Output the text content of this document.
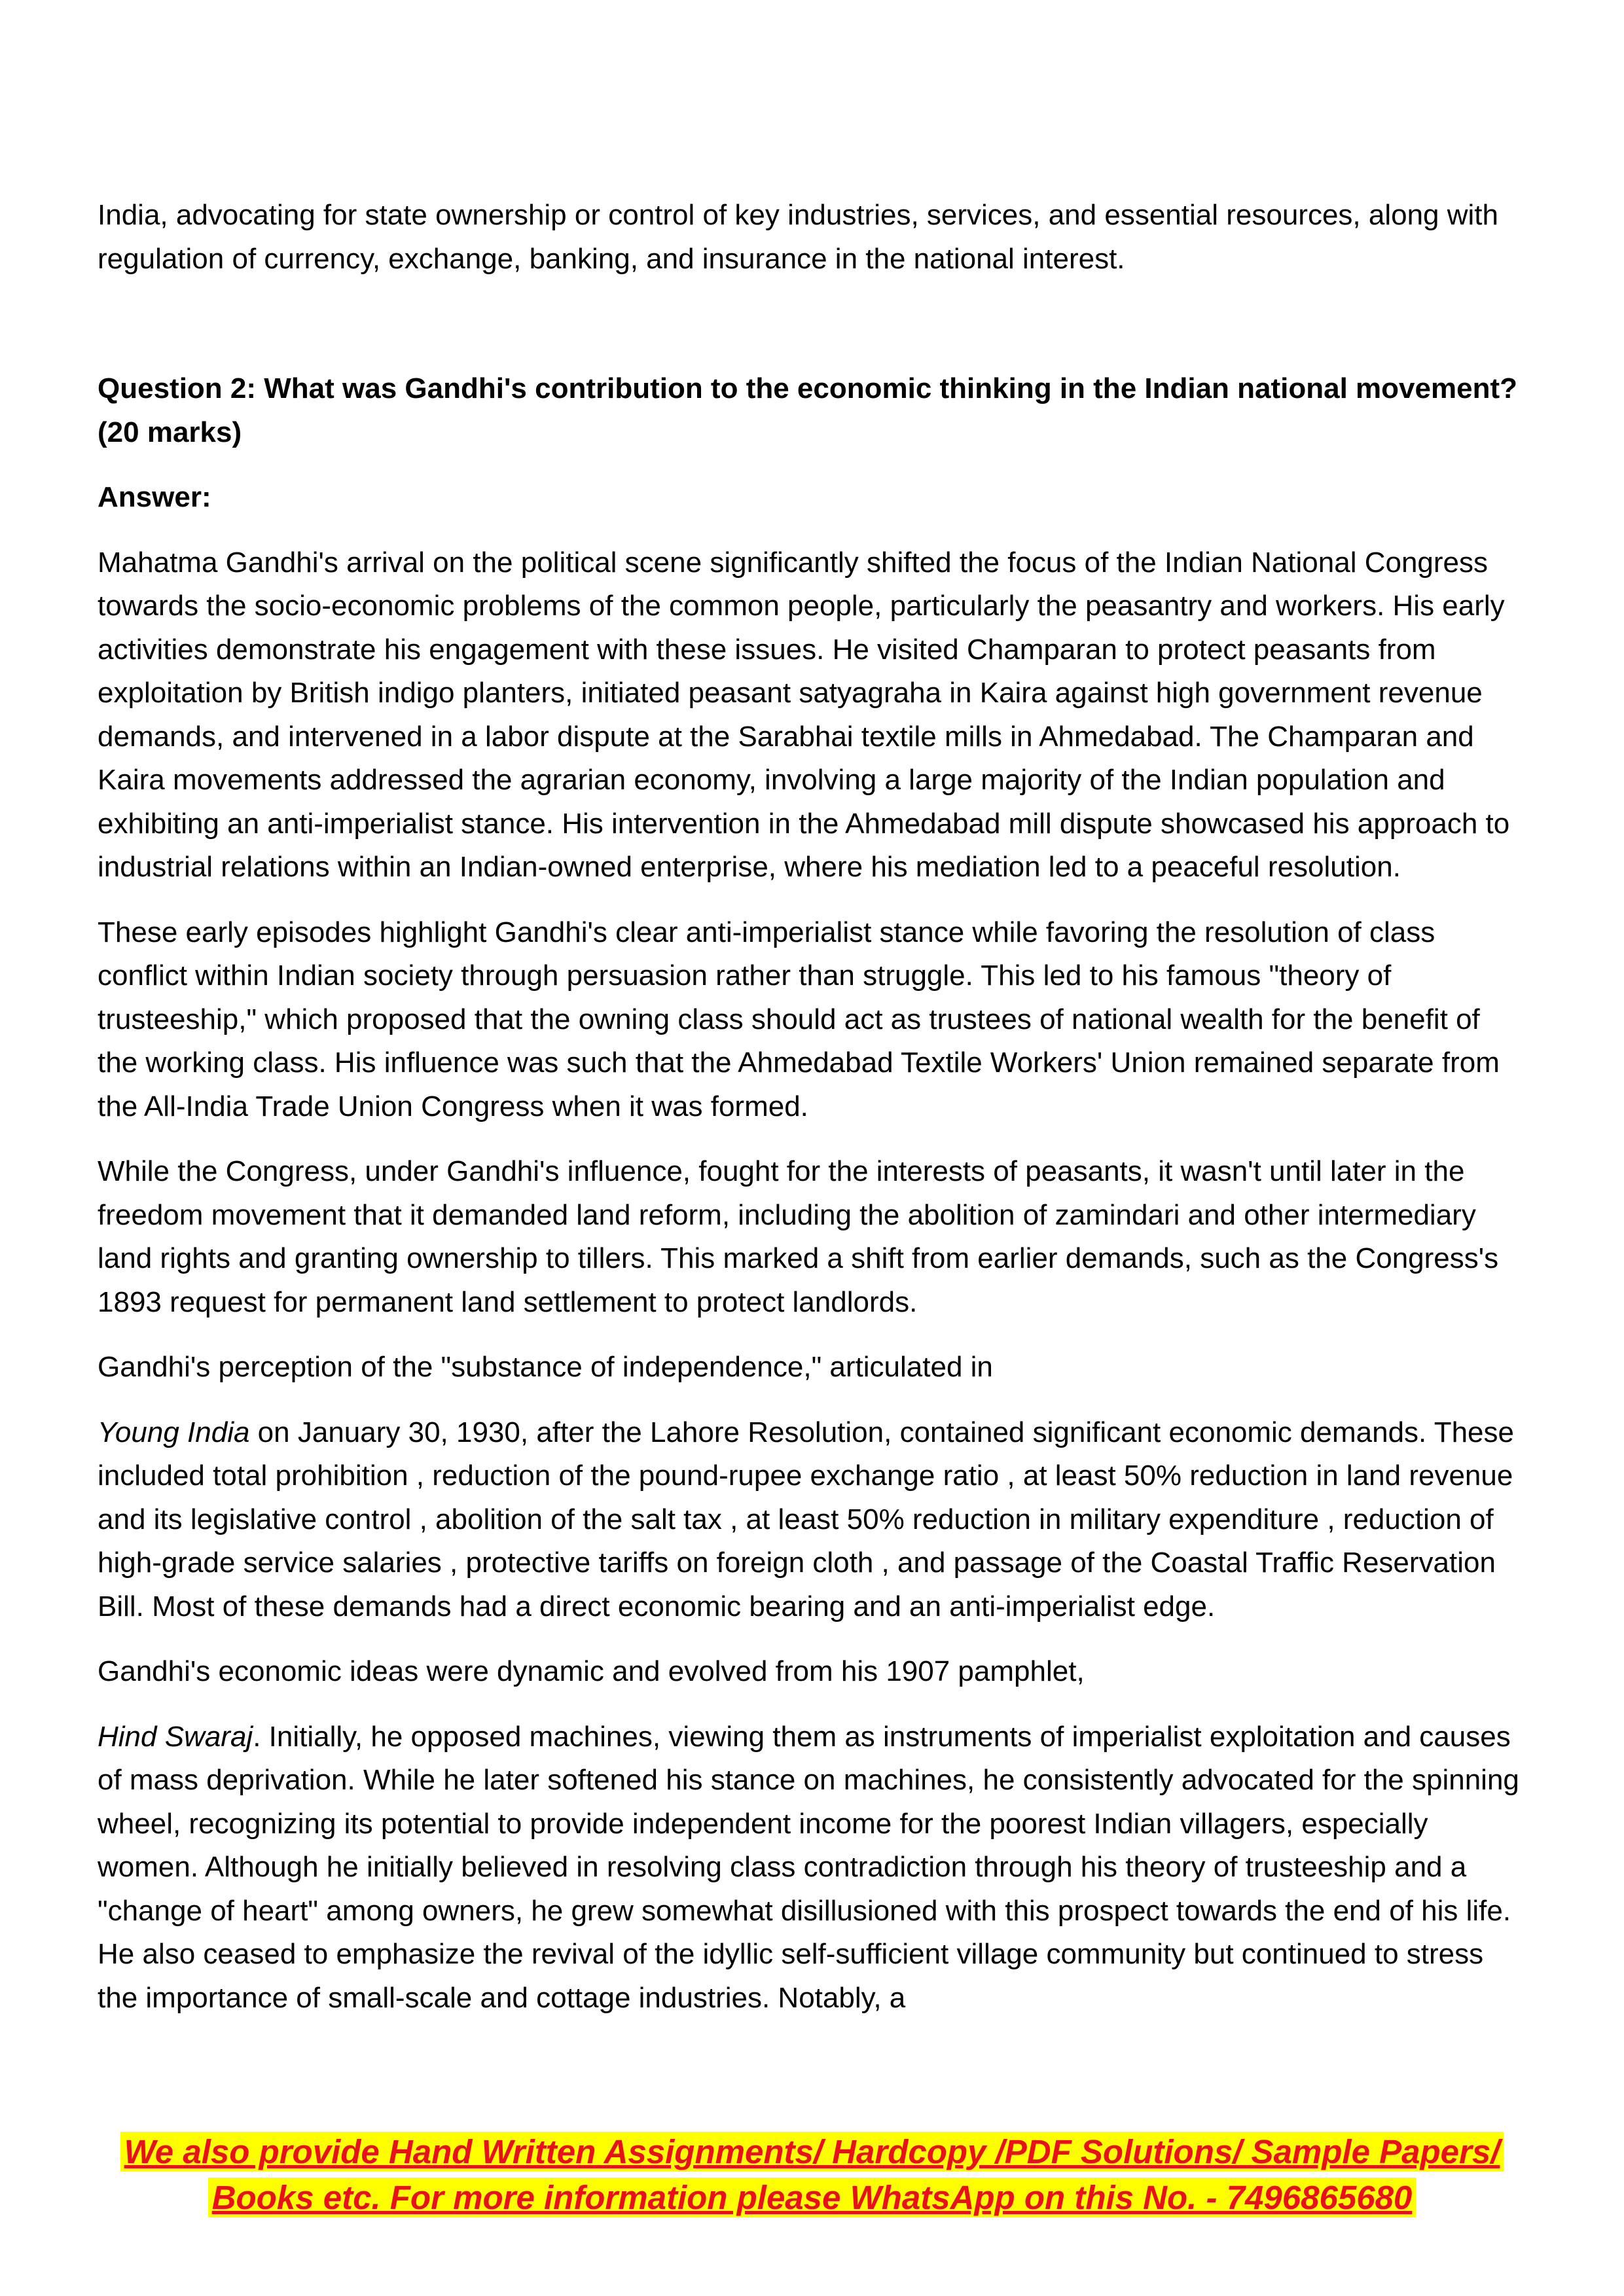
India, advocating for state ownership or control of key industries, services, and essential resources, along with regulation of currency, exchange, banking, and insurance in the national interest.

Question 2: What was Gandhi's contribution to the economic thinking in the Indian national movement? (20 marks)

Answer:

Mahatma Gandhi's arrival on the political scene significantly shifted the focus of the Indian National Congress towards the socio-economic problems of the common people, particularly the peasantry and workers. His early activities demonstrate his engagement with these issues. He visited Champaran to protect peasants from exploitation by British indigo planters, initiated peasant satyagraha in Kaira against high government revenue demands, and intervened in a labor dispute at the Sarabhai textile mills in Ahmedabad. The Champaran and Kaira movements addressed the agrarian economy, involving a large majority of the Indian population and exhibiting an anti-imperialist stance. His intervention in the Ahmedabad mill dispute showcased his approach to industrial relations within an Indian-owned enterprise, where his mediation led to a peaceful resolution.

These early episodes highlight Gandhi's clear anti-imperialist stance while favoring the resolution of class conflict within Indian society through persuasion rather than struggle. This led to his famous "theory of trusteeship," which proposed that the owning class should act as trustees of national wealth for the benefit of the working class. His influence was such that the Ahmedabad Textile Workers' Union remained separate from the All-India Trade Union Congress when it was formed.

While the Congress, under Gandhi's influence, fought for the interests of peasants, it wasn't until later in the freedom movement that it demanded land reform, including the abolition of zamindari and other intermediary land rights and granting ownership to tillers. This marked a shift from earlier demands, such as the Congress's 1893 request for permanent land settlement to protect landlords.

Gandhi's perception of the "substance of independence," articulated in

Young India on January 30, 1930, after the Lahore Resolution, contained significant economic demands. These included total prohibition , reduction of the pound-rupee exchange ratio , at least 50% reduction in land revenue and its legislative control , abolition of the salt tax , at least 50% reduction in military expenditure , reduction of high-grade service salaries , protective tariffs on foreign cloth , and passage of the Coastal Traffic Reservation Bill. Most of these demands had a direct economic bearing and an anti-imperialist edge.

Gandhi's economic ideas were dynamic and evolved from his 1907 pamphlet,

Hind Swaraj. Initially, he opposed machines, viewing them as instruments of imperialist exploitation and causes of mass deprivation. While he later softened his stance on machines, he consistently advocated for the spinning wheel, recognizing its potential to provide independent income for the poorest Indian villagers, especially women. Although he initially believed in resolving class contradiction through his theory of trusteeship and a "change of heart" among owners, he grew somewhat disillusioned with this prospect towards the end of his life. He also ceased to emphasize the revival of the idyllic self-sufficient village community but continued to stress the importance of small-scale and cottage industries. Notably, a

We also provide Hand Written Assignments/ Hardcopy /PDF Solutions/ Sample Papers/
Books etc. For more information please WhatsApp on this No. - 7496865680
